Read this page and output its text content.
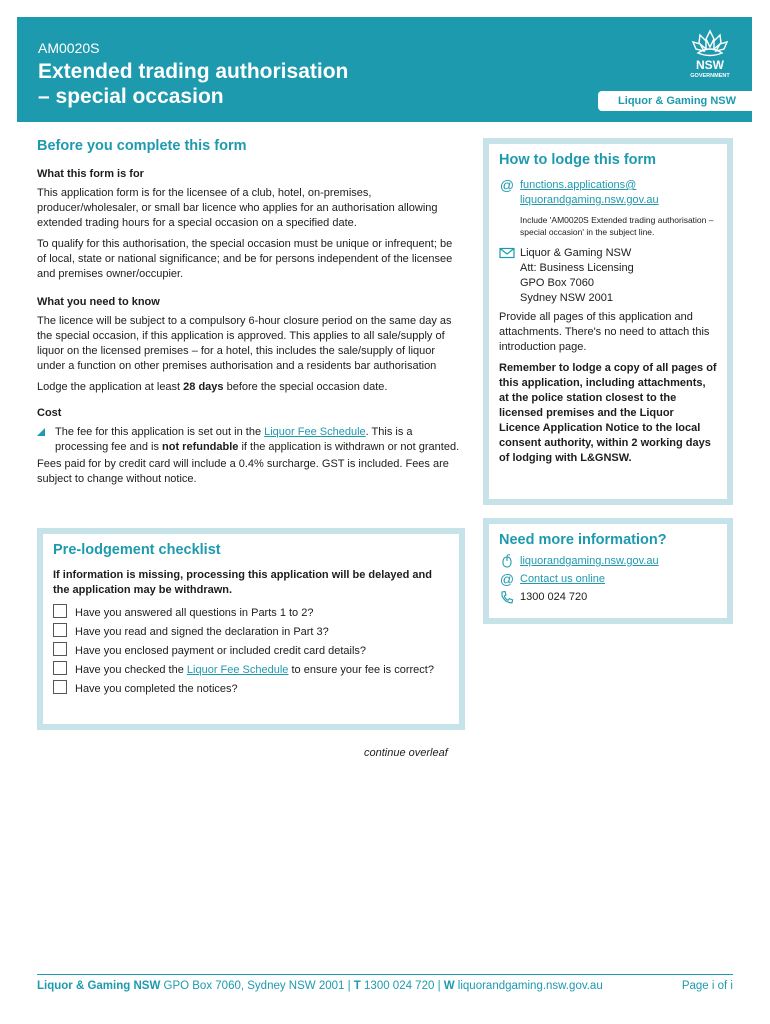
AM0020S
Extended trading authorisation
– special occasion
NSW
GOVERNMENT
Liquor & Gaming NSW
Before you complete this form
What this form is for
This application form is for the licensee of a club, hotel, on-premises, producer/wholesaler, or small bar licence who applies for an authorisation allowing extended trading hours for a special occasion on a specified date.
To qualify for this authorisation, the special occasion must be unique or infrequent; be of local, state or national significance; and be for persons independent of the licensee and premises owner/occupier.
What you need to know
The licence will be subject to a compulsory 6-hour closure period on the same day as the special occasion, if this application is approved. This applies to all sale/supply of liquor on the licensed premises – for a hotel, this includes the sale/supply of liquor under a function on other premises authorisation and a residents bar authorisation
Lodge the application at least 28 days before the special occasion date.
Cost
The fee for this application is set out in the Liquor Fee Schedule. This is a processing fee and is not refundable if the application is withdrawn or not granted.
Fees paid for by credit card will include a 0.4% surcharge. GST is included. Fees are subject to change without notice.
Pre-lodgement checklist
If information is missing, processing this application will be delayed and the application may be withdrawn.
Have you answered all questions in Parts 1 to 2?
Have you read and signed the declaration in Part 3?
Have you enclosed payment or included credit card details?
Have you checked the Liquor Fee Schedule to ensure your fee is correct?
Have you completed the notices?
continue overleaf
How to lodge this form
@ functions.applications@
liquorandgaming.nsw.gov.au
Include 'AM0020S Extended trading authorisation – special occasion' in the subject line.
Liquor & Gaming NSW
Att: Business Licensing
GPO Box 7060
Sydney NSW 2001
Provide all pages of this application and attachments. There's no need to attach this introduction page.
Remember to lodge a copy of all pages of this application, including attachments, at the police station closest to the licensed premises and the Liquor Licence Application Notice to the local consent authority, within 2 working days of lodging with L&GNSW.
Need more information?
liquorandgaming.nsw.gov.au
@ Contact us online
1300 024 720
Liquor & Gaming NSW GPO Box 7060, Sydney NSW 2001 | T 1300 024 720 | W liquorandgaming.nsw.gov.au	Page i of i
